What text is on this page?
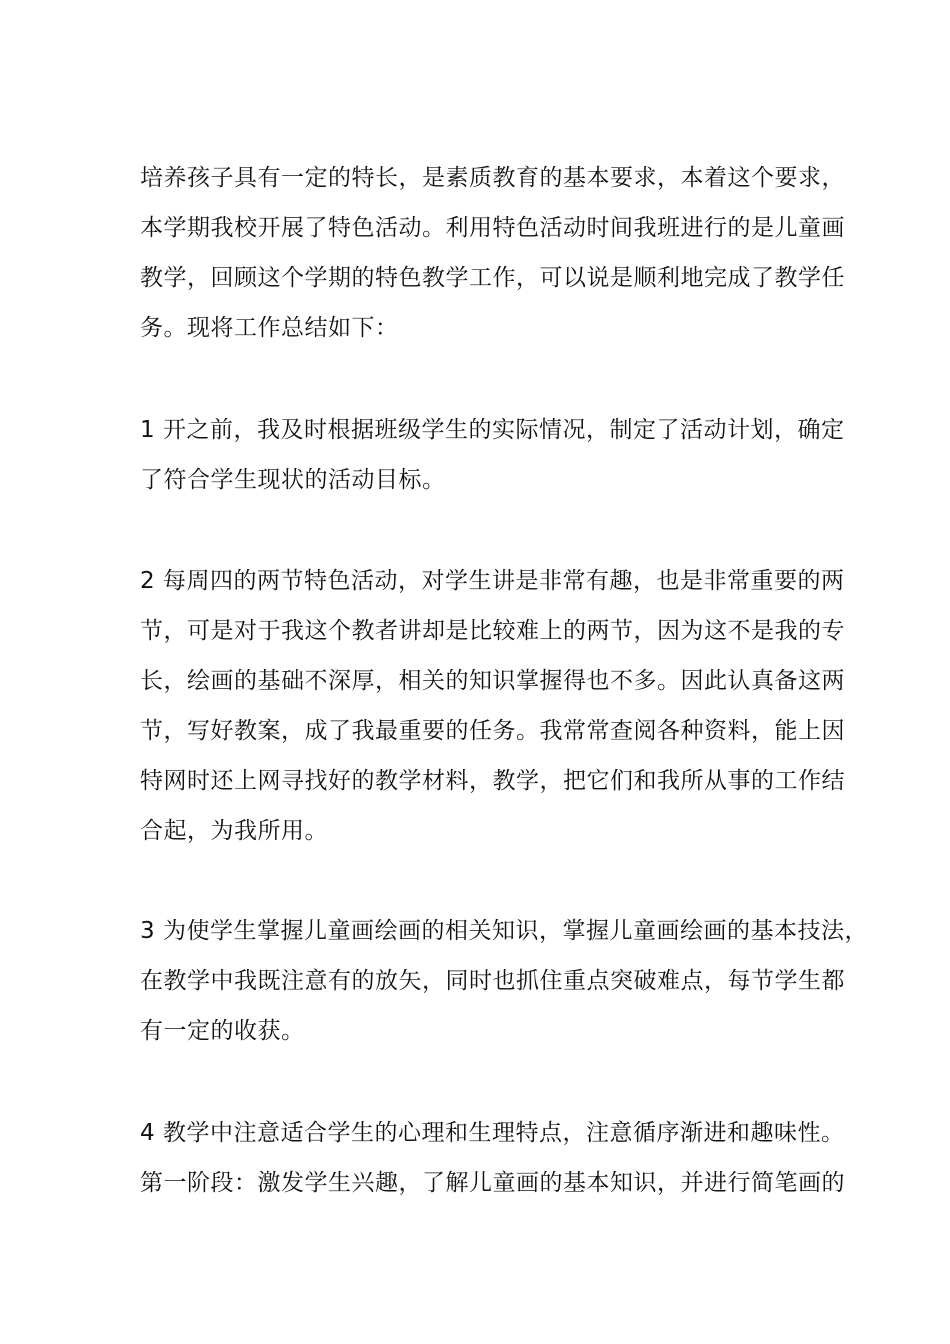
培养孩子具有一定的特长，是素质教育的基本要求，本着这个要求，
本学期我校开展了特色活动。利用特色活动时间我班进行的是儿童画
教学，回顾这个学期的特色教学工作，可以说是顺利地完成了教学任
务。现将工作总结如下：
1 开之前，我及时根据班级学生的实际情况，制定了活动计划，确定
了符合学生现状的活动目标。
2 每周四的两节特色活动，对学生讲是非常有趣，也是非常重要的两
节，可是对于我这个教者讲却是比较难上的两节，因为这不是我的专
长，绘画的基础不深厚，相关的知识掌握得也不多。因此认真备这两
节，写好教案，成了我最重要的任务。我常常查阅各种资料，能上因
特网时还上网寻找好的教学材料，教学，把它们和我所从事的工作结
合起，为我所用。
3 为使学生掌握儿童画绘画的相关知识，掌握儿童画绘画的基本技法，
在教学中我既注意有的放矢，同时也抓住重点突破难点，每节学生都
有一定的收获。
4 教学中注意适合学生的心理和生理特点，注意循序渐进和趣味性。
第一阶段：激发学生兴趣，了解儿童画的基本知识，并进行简笔画的
